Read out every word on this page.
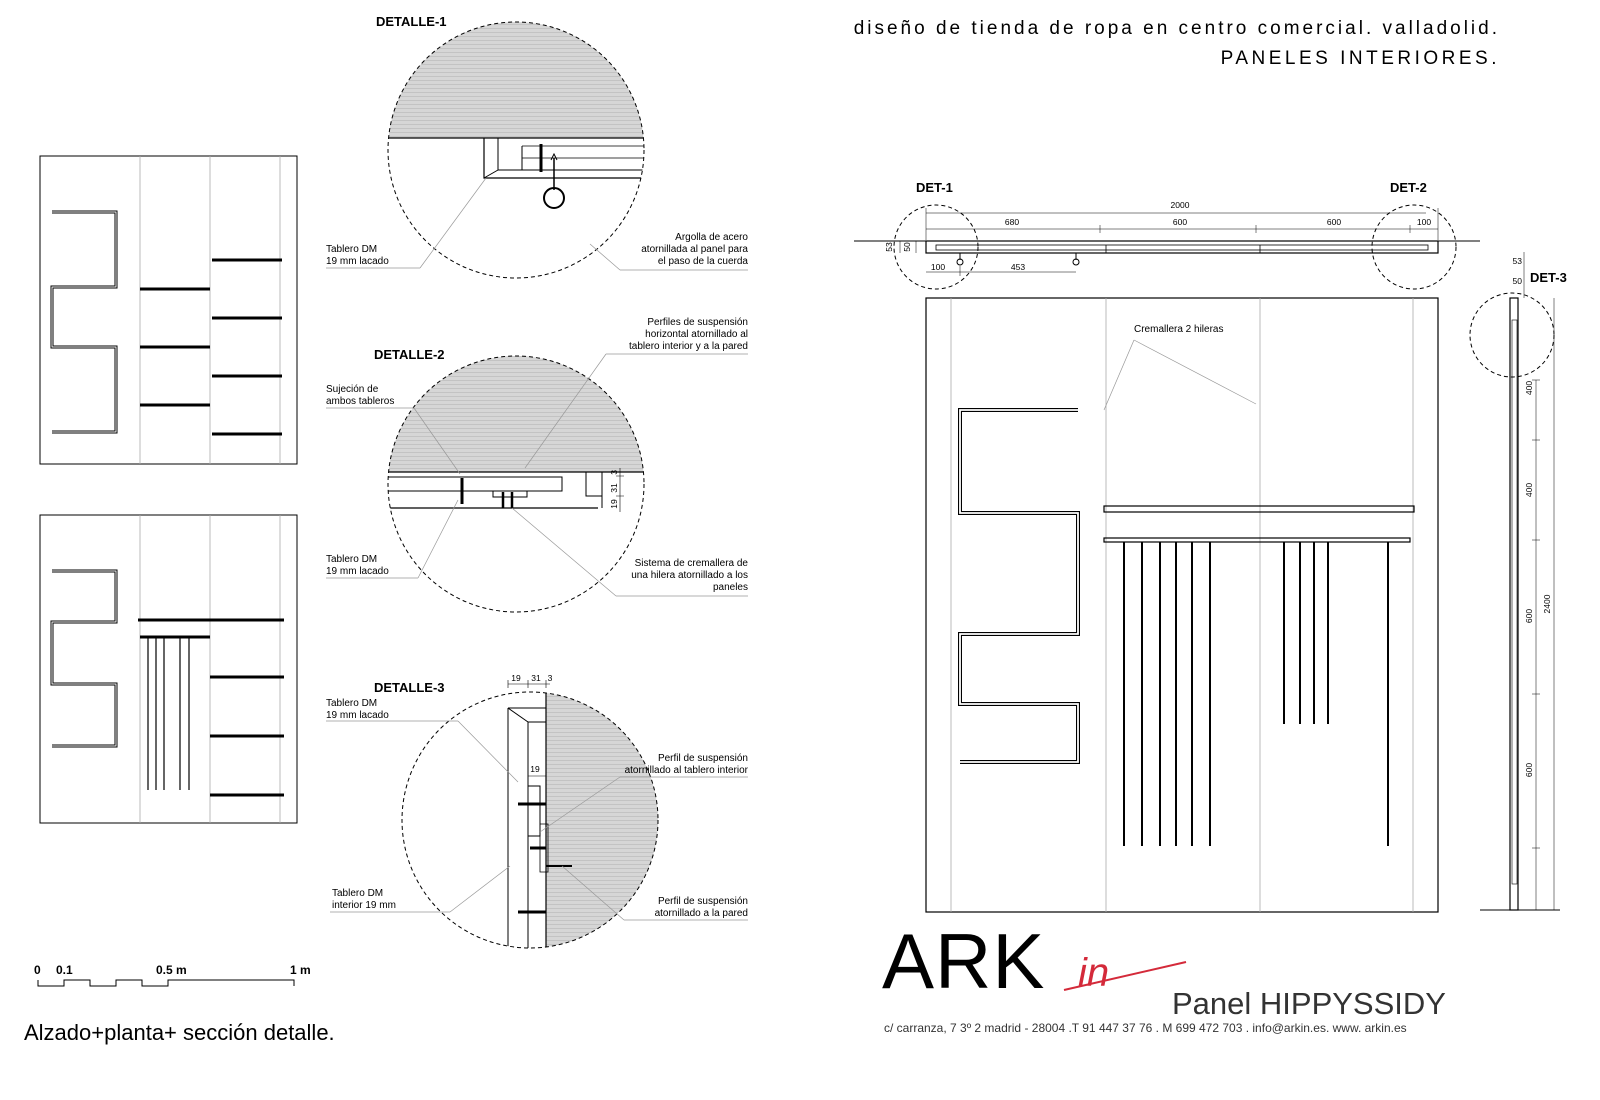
diseño de tienda de ropa en centro comercial. valladolid.
PANELES INTERIORES.
DETALLE-1
Tablero DM
19 mm lacado
Argolla de acero
atornillada al panel para
el paso de la cuerda
DETALLE-2
3
31
19
Perfiles de suspensión
horizontal atornillado al
tablero interior y a la pared
Sujeción de
ambos tableros
Tablero DM
19 mm lacado
Sistema de cremallera de
una hilera atornillado a los
paneles
DETALLE-3
19 31 3
19
Tablero DM
19 mm lacado
Perfil de suspensión
atornillado al tablero interior
Tablero DM
interior 19 mm	Perfil de suspensión
atornillado a la pared
DET-1	DET-2
2000
680	600	600	100
53 50
100	453
Cremallera 2 hileras
DET-3
53
50
400
400
600
2400
600
0 0.1	0.5 m	1 m
Alzado+planta+ sección detalle.
ARK in
Panel HIPPYSSIDY
c/ carranza, 7 3º 2 madrid - 28004 .T 91 447 37 76 . M 699 472 703 . info@arkin.es. www. arkin.es
